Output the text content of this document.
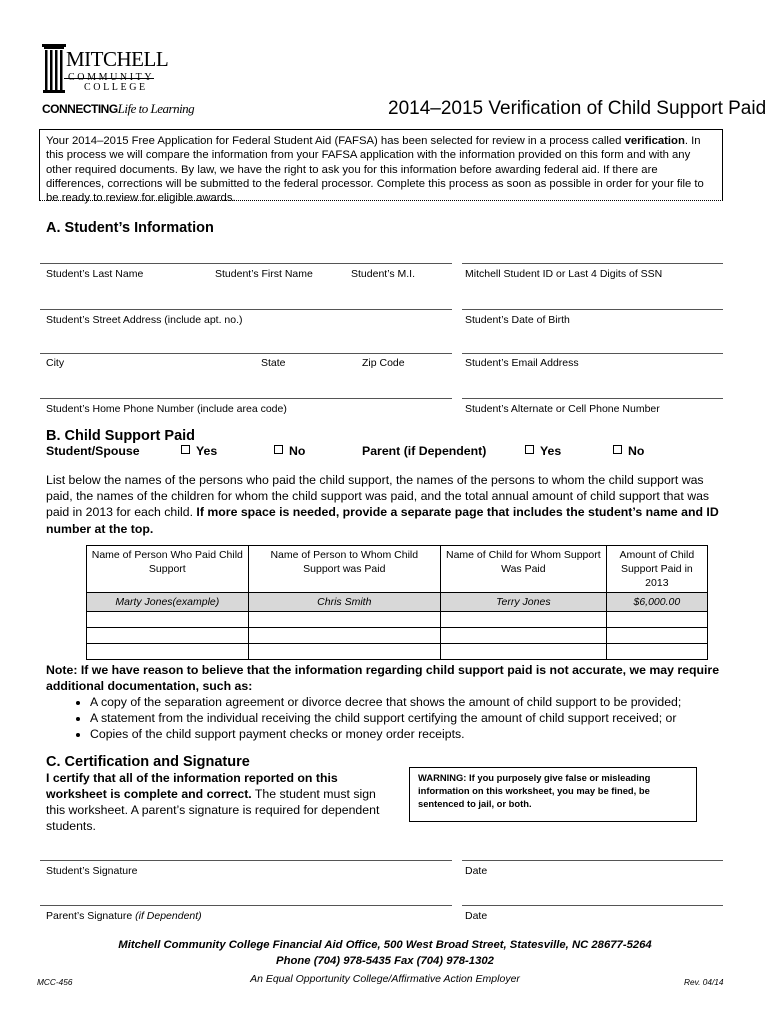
MITCHELL
COMMUNITY
COLLEGE
CONNECTINGLife to Learning	2014–2015 Verification of Child Support Paid
Your 2014–2015 Free Application for Federal Student Aid (FAFSA) has been selected for review in a process called verification. In this process we will compare the information from your FAFSA application with the information provided on this form and with any other required documents. By law, we have the right to ask you for this information before awarding federal aid. If there are differences, corrections will be submitted to the federal processor. Complete this process as soon as possible in order for your file to be ready to review for eligible awards.
A. Student’s Information
Student’s Last Name	Student’s First Name	Student’s M.I.	Mitchell Student ID or Last 4 Digits of SSN
Student’s Street Address (include apt. no.)	Student’s Date of Birth
City	State	Zip Code	Student’s Email Address
Student’s Home Phone Number (include area code)	Student’s Alternate or Cell Phone Number
B. Child Support Paid
Student/Spouse	Yes	No	Parent (if Dependent)	Yes	No
List below the names of the persons who paid the child support, the names of the persons to whom the child support was paid, the names of the children for whom the child support was paid, and the total annual amount of child support that was paid in 2013 for each child. If more space is needed, provide a separate page that includes the student’s name and ID number at the top.
Name of Person Who Paid Child Support	Name of Person to Whom Child Support was Paid	Name of Child for Whom Support Was Paid	Amount of Child Support Paid in 2013
Marty Jones(example)	Chris Smith	Terry Jones	$6,000.00

Note: If we have reason to believe that the information regarding child support paid is not accurate, we may require additional documentation, such as:
• A copy of the separation agreement or divorce decree that shows the amount of child support to be provided;
• A statement from the individual receiving the child support certifying the amount of child support received; or
• Copies of the child support payment checks or money order receipts.
C. Certification and Signature
I certify that all of the information reported on this worksheet is complete and correct. The student must sign this worksheet. A parent’s signature is required for dependent students.
WARNING: If you purposely give false or misleading information on this worksheet, you may be fined, be sentenced to jail, or both.
Student’s Signature	Date
Parent’s Signature (if Dependent)	Date
Mitchell Community College Financial Aid Office, 500 West Broad Street, Statesville, NC 28677-5264
Phone (704) 978-5435 Fax (704) 978-1302
An Equal Opportunity College/Affirmative Action Employer
MCC-456	Rev. 04/14
